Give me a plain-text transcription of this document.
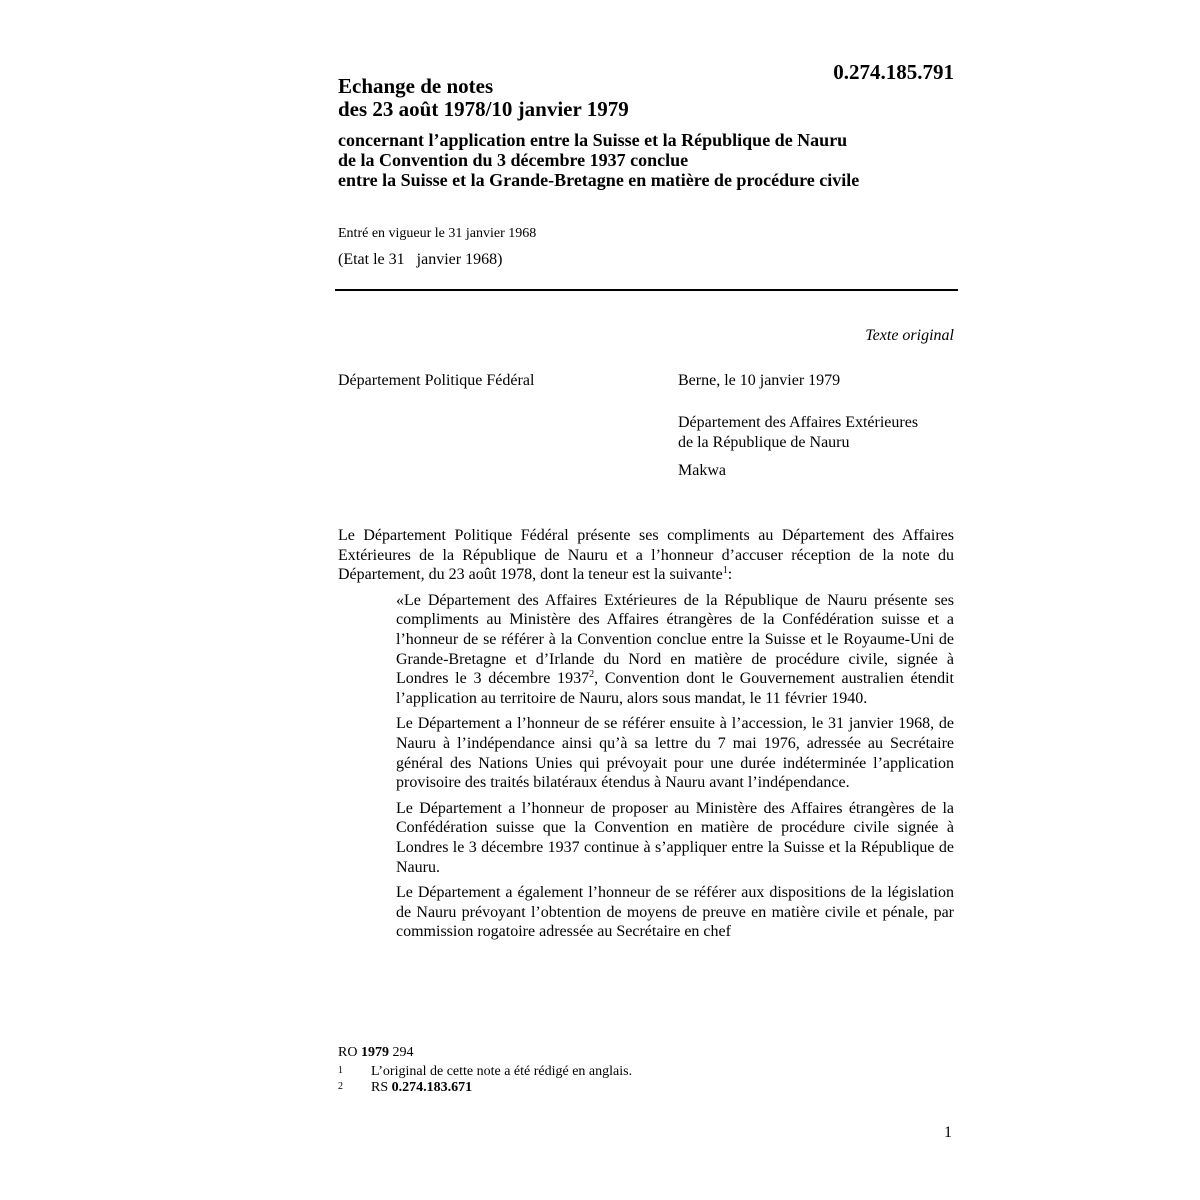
0.274.185.791
Echange de notes
des 23 août 1978/10 janvier 1979
concernant l’application entre la Suisse et la République de Nauru
de la Convention du 3 décembre 1937 conclue
entre la Suisse et la Grande-Bretagne en matière de procédure civile
Entré en vigueur le 31 janvier 1968
(Etat le 31   janvier 1968)
Texte original
Département Politique Fédéral	Berne, le 10 janvier 1979
Département des Affaires Extérieures
de la République de Nauru
Makwa

Le Département Politique Fédéral présente ses compliments au Département des Affaires Extérieures de la République de Nauru et a l’honneur d’accuser réception de la note du Département, du 23 août 1978, dont la teneur est la suivante$^1$:

«Le Département des Affaires Extérieures de la République de Nauru présente ses compliments au Ministère des Affaires étrangères de la Confédération suisse et a l’honneur de se référer à la Convention conclue entre la Suisse et le Royaume-Uni de Grande-Bretagne et d’Irlande du Nord en matière de procédure civile, signée à Londres le 3 décembre 1937$^2$, Convention dont le Gouvernement australien étendit l’application au territoire de Nauru, alors sous mandat, le 11 février 1940.

Le Département a l’honneur de se référer ensuite à l’accession, le 31 janvier 1968, de Nauru à l’indépendance ainsi qu’à sa lettre du 7 mai 1976, adressée au Secrétaire général des Nations Unies qui prévoyait pour une durée indéterminée l’application provisoire des traités bilatéraux étendus à Nauru avant l’indépendance.

Le Département a l’honneur de proposer au Ministère des Affaires étrangères de la Confédération suisse que la Convention en matière de procédure civile signée à Londres le 3 décembre 1937 continue à s’appliquer entre la Suisse et la République de Nauru.

Le Département a également l’honneur de se référer aux dispositions de la législation de Nauru prévoyant l’obtention de moyens de preuve en matière civile et pénale, par commission rogatoire adressée au Secrétaire en chef

RO 1979 294
1	L’original de cette note a été rédigé en anglais.
2	RS 0.274.183.671
1
